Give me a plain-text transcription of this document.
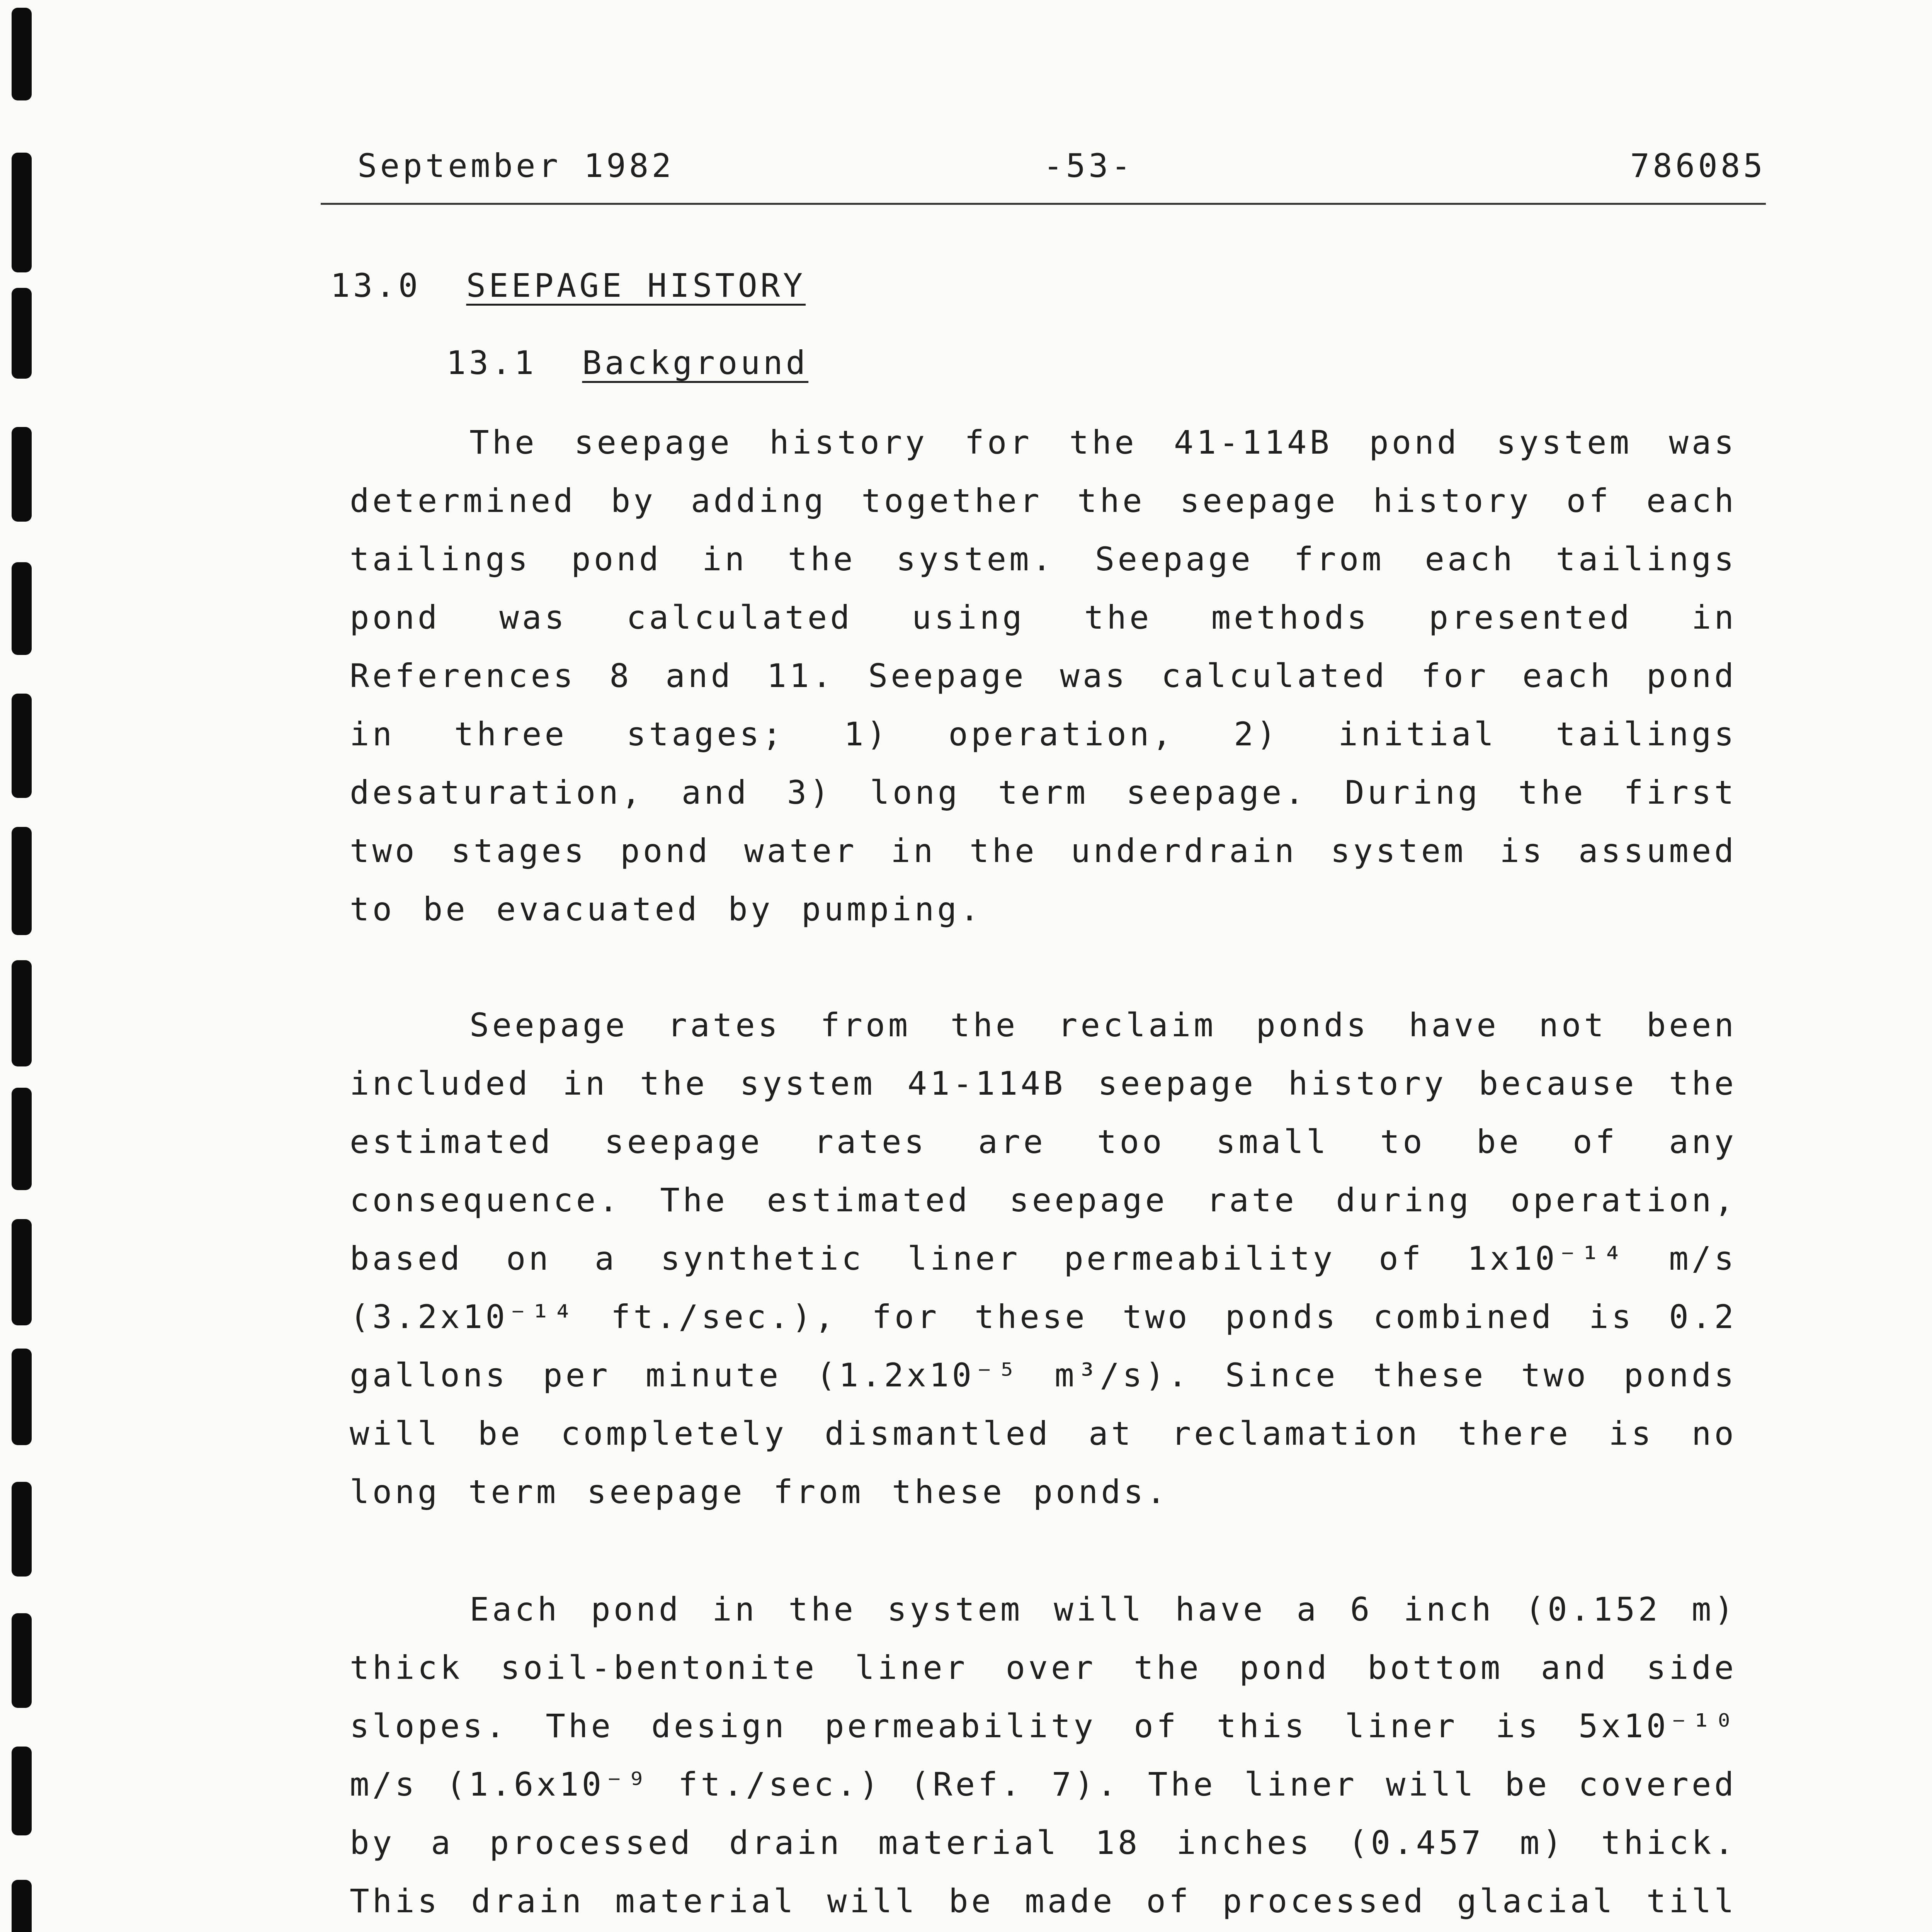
September 1982	-53-	786085
13.0 SEEPAGE HISTORY
13.1 Background

The seepage history for the 41-114B pond system was determined by adding together the seepage history of each tailings pond in the system. Seepage from each tailings pond was calculated using the methods presented in References 8 and 11. Seepage was calculated for each pond in three stages; 1) operation, 2) initial tailings desaturation, and 3) long term seepage. During the first two stages pond water in the underdrain system is assumed to be evacuated by pumping.

Seepage rates from the reclaim ponds have not been included in the system 41-114B seepage history because the estimated seepage rates are too small to be of any consequence. The estimated seepage rate during operation, based on a synthetic liner permeability of 1x10⁻¹⁴ m/s (3.2x10⁻¹⁴ ft./sec.), for these two ponds combined is 0.2 gallons per minute (1.2x10⁻⁵ m³/s). Since these two ponds will be completely dismantled at reclamation there is no long term seepage from these ponds.

Each pond in the system will have a 6 inch (0.152 m) thick soil-bentonite liner over the pond bottom and side slopes. The design permeability of this liner is 5x10⁻¹⁰ m/s (1.6x10⁻⁹ ft./sec.) (Ref. 7). The liner will be covered by a processed drain material 18 inches (0.457 m) thick. This drain material will be made of processed glacial till
